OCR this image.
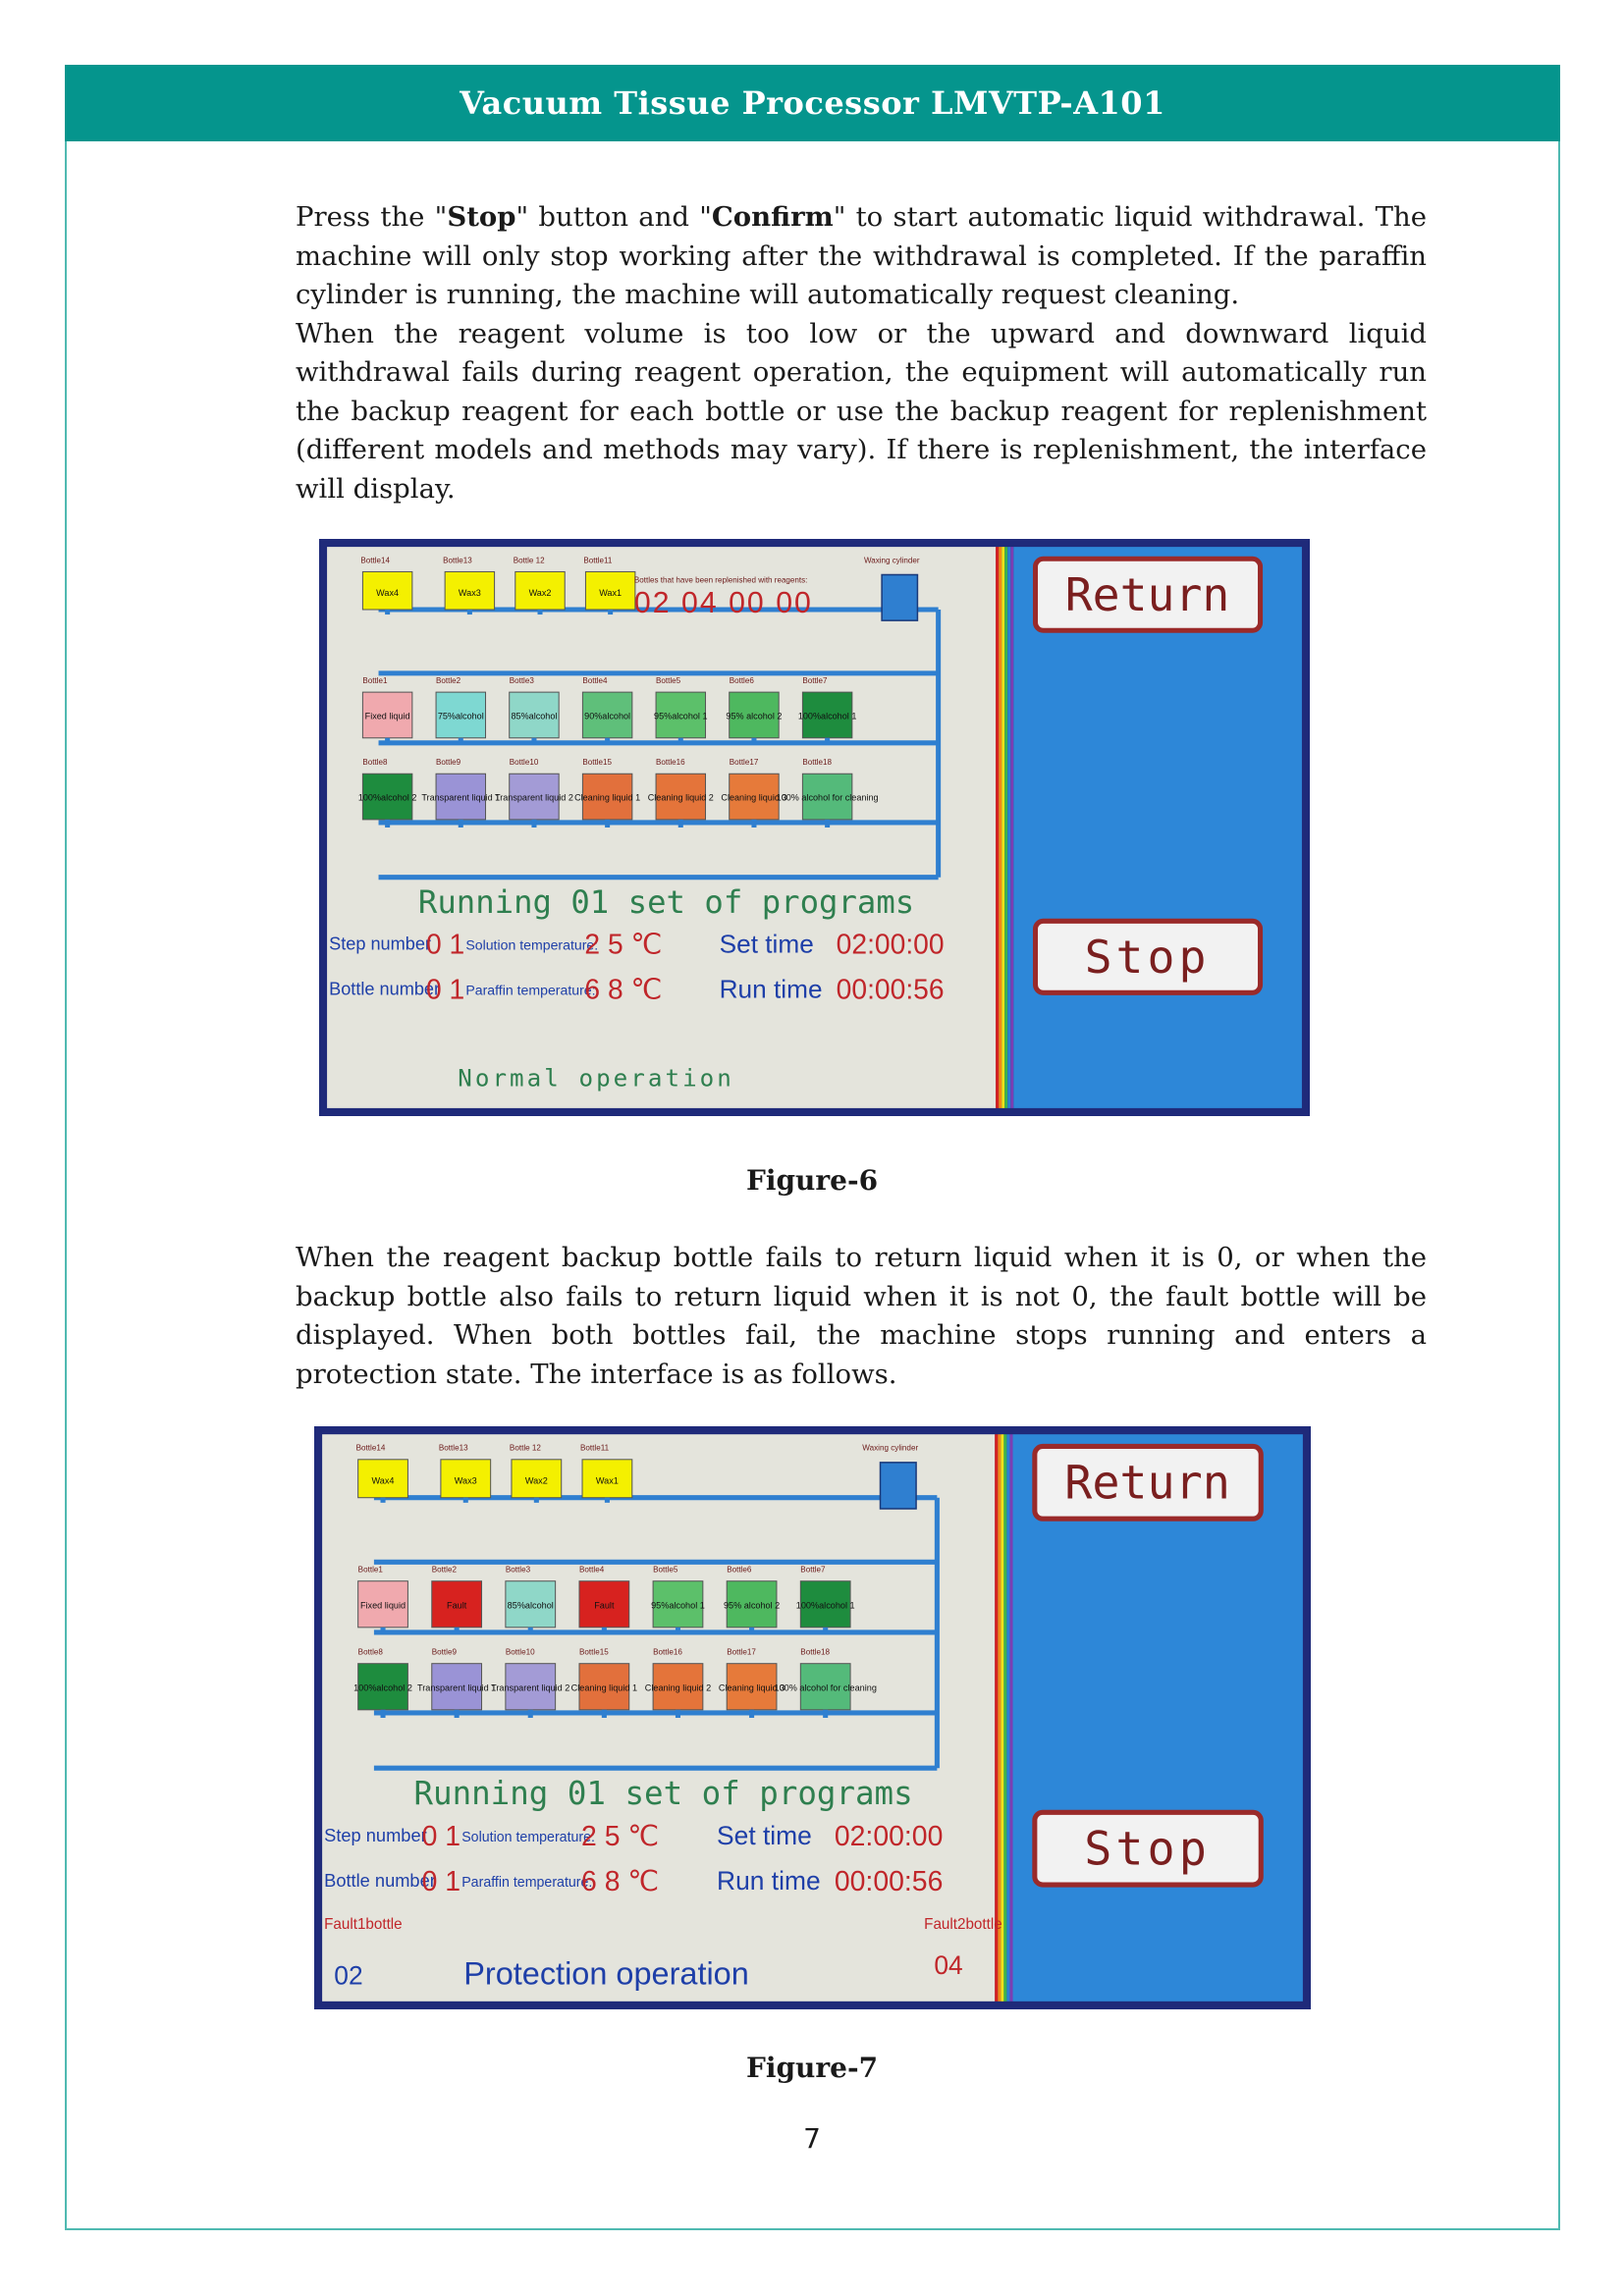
Vacuum Tissue Processor LMVTP-A101

Press the "Stop" button and "Confirm" to start automatic liquid withdrawal. The machine will only stop working after the withdrawal is completed. If the paraffin cylinder is running, the machine will automatically request cleaning.
When the reagent volume is too low or the upward and downward liquid withdrawal fails during reagent operation, the equipment will automatically run the backup reagent for each bottle or use the backup reagent for replenishment (different models and methods may vary). If there is replenishment, the interface will display.

Return
Stop
Bottle14	Bottle13	Bottle 12	Bottle11
Wax4	Wax3	Wax2	Wax1
Waxing cylinder
Bottles that have been replenished with reagents:
02 04 00 00
Bottle1	Bottle2	Bottle3	Bottle4	Bottle5	Bottle6	Bottle7
Fixed liquid	75%alcohol	85%alcohol	90%alcohol	95%alcohol 1 95% alcohol 2 100%alcohol 1
Bottle8	Bottle9	Bottle10	Bottle15	Bottle16	Bottle17	Bottle18
100%alcohol 2 Transparent liquid 1
Transparent liquid 2 Cleaning liquid 1 Cleaning liquid 2 Cleaning liquid 3
100% alcohol for cleaning
Running 01 set of programs
Step number
0 1 Solution temperature:
2 5 ℃ Set time 02:00:00
Bottle number
0 1 Paraffin temperature:
6 8 ℃ Run time 00:00:56
Normal operation

Figure-6

When the reagent backup bottle fails to return liquid when it is 0, or when the backup bottle also fails to return liquid when it is not 0, the fault bottle will be displayed. When both bottles fail, the machine stops running and enters a protection state. The interface is as follows.

Return
Stop
Bottle14	Bottle13	Bottle 12	Bottle11
Wax4	Wax3	Wax2	Wax1
Waxing cylinder
Bottle1	Bottle2	Bottle3	Bottle4	Bottle5	Bottle6	Bottle7
Fixed liquid	Fault	85%alcohol	Fault	95%alcohol 1 95% alcohol 2 100%alcohol 1
Bottle8	Bottle9	Bottle10	Bottle15	Bottle16	Bottle17	Bottle18
100%alcohol 2 Transparent liquid 1
Transparent liquid 2 Cleaning liquid 1 Cleaning liquid 2 Cleaning liquid 3
100% alcohol for cleaning
Running 01 set of programs
Step number
0 1 Solution temperature:
2 5 ℃ Set time 02:00:00
Bottle number
0 1 Paraffin temperature:
6 8 ℃ Run time 00:00:56
Fault1bottle
02
Fault2bottle
04
Protection operation

Figure-7

7
